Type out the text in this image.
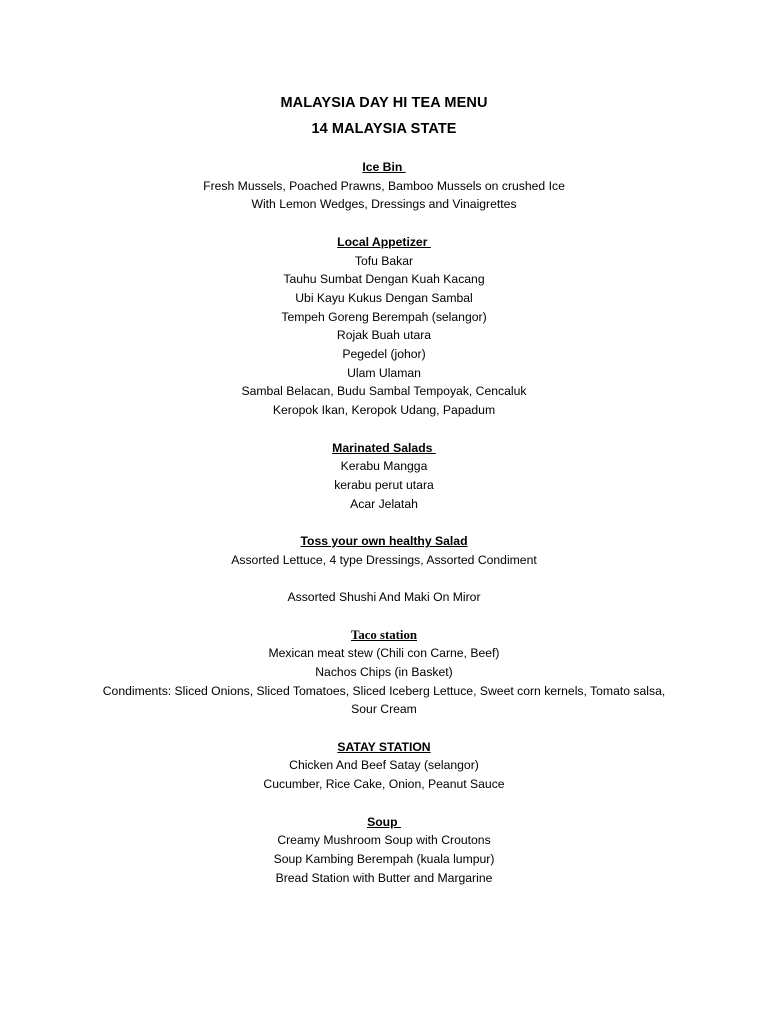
MALAYSIA DAY HI TEA MENU
14 MALAYSIA STATE
Ice Bin
Fresh Mussels, Poached Prawns, Bamboo Mussels on crushed Ice
With Lemon Wedges, Dressings and Vinaigrettes
Local Appetizer
Tofu Bakar
Tauhu Sumbat Dengan Kuah Kacang
Ubi Kayu Kukus Dengan Sambal
Tempeh Goreng Berempah (selangor)
Rojak Buah utara
Pegedel (johor)
Ulam Ulaman
Sambal Belacan, Budu Sambal Tempoyak, Cencaluk
Keropok Ikan, Keropok Udang, Papadum
Marinated Salads
Kerabu Mangga
kerabu perut utara
Acar Jelatah
Toss your own healthy Salad
Assorted Lettuce, 4 type Dressings, Assorted Condiment
Assorted Shushi And Maki On Miror
Taco station
Mexican meat stew (Chili con Carne, Beef)
Nachos Chips (in Basket)
Condiments: Sliced Onions, Sliced Tomatoes, Sliced Iceberg Lettuce, Sweet corn kernels, Tomato salsa,
Sour Cream
SATAY STATION
Chicken And Beef Satay (selangor)
Cucumber, Rice Cake, Onion, Peanut Sauce
Soup
Creamy Mushroom Soup with Croutons
Soup Kambing Berempah (kuala lumpur)
Bread Station with Butter and Margarine
